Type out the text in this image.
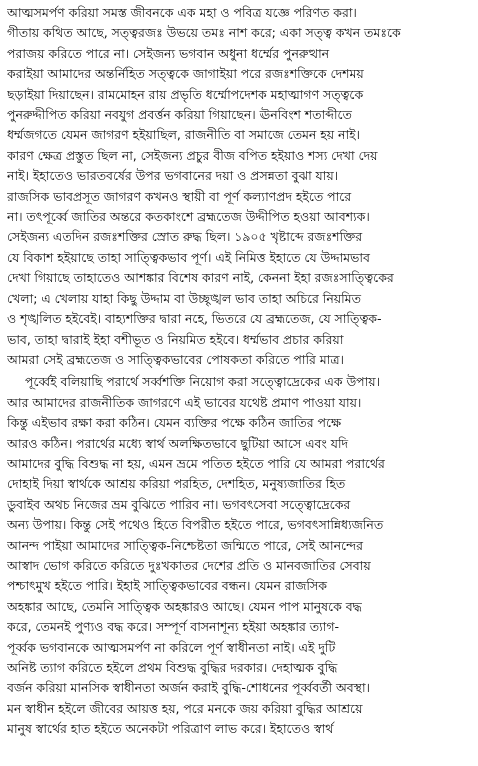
আত্মসমর্পণ করিয়া সমস্ত জীবনকে এক মহা ও পবিত্র যজ্ঞে পরিণত করা।
গীতায় কথিত আছে, সত্ত্বরজঃ উভয়ে তমঃ নাশ করে; একা সত্ত্ব কখন তমঃকে
পরাজয় করিতে পারে না। সেইজন্য ভগবান অধুনা ধর্ম্মের পুনরুত্থান
করাইয়া আমাদের অন্তর্নিহিত সত্ত্বকে জাগাইয়া পরে রজঃশক্তিকে দেশময়
ছড়াইয়া দিয়াছেন। রামমোহন রায় প্রভৃতি ধর্ম্মোপদেশক মহাত্মাগণ সত্ত্বকে
পুনরুদ্দীপিত করিয়া নবযুগ প্রবর্ত্তন করিয়া গিয়াছেন। ঊনবিংশ শতাব্দীতে
ধর্ম্মজগতে যেমন জাগরণ হইয়াছিল, রাজনীতি বা সমাজে তেমন হয় নাই।
কারণ ক্ষেত্র প্রস্তুত ছিল না, সেইজন্য প্রচুর বীজ বপিত হইয়াও শস্য দেখা দেয়
নাই। ইহাতেও ভারতবর্ষের উপর ভগবানের দয়া ও প্রসন্নতা বুঝা যায়।
রাজসিক ভাবপ্রসূত জাগরণ কখনও স্থায়ী বা পূর্ণ কল্যাণপ্রদ হইতে পারে
না। তৎপূর্ব্বে জাতির অন্তরে কতকাংশে ব্রহ্মতেজ উদ্দীপিত হওয়া আবশ্যক।
সেইজন্য এতদিন রজঃশক্তির স্রোত রুদ্ধ ছিল। ১৯০৫ খৃষ্টাব্দে রজঃশক্তির
যে বিকাশ হইয়াছে তাহা সাত্ত্বিকভাব পূর্ণ। এই নিমিত্ত ইহাতে যে উদ্দামভাব
দেখা গিয়াছে তাহাতেও আশঙ্কার বিশেষ কারণ নাই, কেননা ইহা রজঃসাত্ত্বিকের
খেলা; এ খেলায় যাহা কিছু উদ্দাম বা উচ্ছৃঙ্খল ভাব তাহা অচিরে নিয়মিত
ও শৃঙ্খলিত হইবেই। বাহ্যশক্তির দ্বারা নহে, ভিতরে যে ব্রহ্মতেজ, যে সাত্ত্বিক-
ভাব, তাহা দ্বারাই ইহা বশীভূত ও নিয়মিত হইবে। ধর্ম্মভাব প্রচার করিয়া
আমরা সেই ব্রহ্মতেজ ও সাত্ত্বিকভাবের পোষকতা করিতে পারি মাত্র।

পূর্ব্বেই বলিয়াছি পরার্থে সর্ব্বশক্তি নিয়োগ করা সত্ত্বোদ্রেকের এক উপায়।
আর আমাদের রাজনীতিক জাগরণে এই ভাবের যথেষ্ট প্রমাণ পাওয়া যায়।
কিন্তু এইভাব রক্ষা করা কঠিন। যেমন ব্যক্তির পক্ষে কঠিন জাতির পক্ষে
আরও কঠিন। পরার্থের মধ্যে স্বার্থ অলক্ষিতভাবে ছুটিয়া আসে এবং যদি
আমাদের বুদ্ধি বিশুদ্ধ না হয়, এমন ভ্রমে পতিত হইতে পারি যে আমরা পরার্থের
দোহাই দিয়া স্বার্থকে আশ্রয় করিয়া পরহিত, দেশহিত, মনুষ্যজাতির হিত
ডুবাইব অথচ নিজের ভ্রম বুঝিতে পারিব না। ভগবৎসেবা সত্ত্বোদ্রেকের
অন্য উপায়। কিন্তু সেই পথেও হিতে বিপরীত হইতে পারে, ভগবৎসান্নিধ্যজনিত
আনন্দ পাইয়া আমাদের সাত্ত্বিক-নিশ্চেষ্টতা জন্মিতে পারে, সেই আনন্দের
আস্বাদ ভোগ করিতে করিতে দুঃখকাতর দেশের প্রতি ও মানবজাতির সেবায়
পশ্চাৎমুখ হইতে পারি। ইহাই সাত্ত্বিকভাবের বন্ধন। যেমন রাজসিক
অহঙ্কার আছে, তেমনি সাত্ত্বিক অহঙ্কারও আছে। যেমন পাপ মানুষকে বদ্ধ
করে, তেমনই পুণ্যও বদ্ধ করে। সম্পূর্ণ বাসনাশূন্য হইয়া অহঙ্কার ত্যাগ-
পূর্ব্বক ভগবানকে আত্মসমর্পণ না করিলে পূর্ণ স্বাধীনতা নাই। এই দুটি
অনিষ্ট ত্যাগ করিতে হইলে প্রথম বিশুদ্ধ বুদ্ধির দরকার। দেহাত্মক বুদ্ধি
বর্জন করিয়া মানসিক স্বাধীনতা অর্জন করাই বুদ্ধি-শোধনের পূর্ব্ববর্তী অবস্থা।
মন স্বাধীন হইলে জীবের আয়ত্ত হয়, পরে মনকে জয় করিয়া বুদ্ধির আশ্রয়ে
মানুষ স্বার্থের হাত হইতে অনেকটা পরিত্রাণ লাভ করে। ইহাতেও স্বার্থ
